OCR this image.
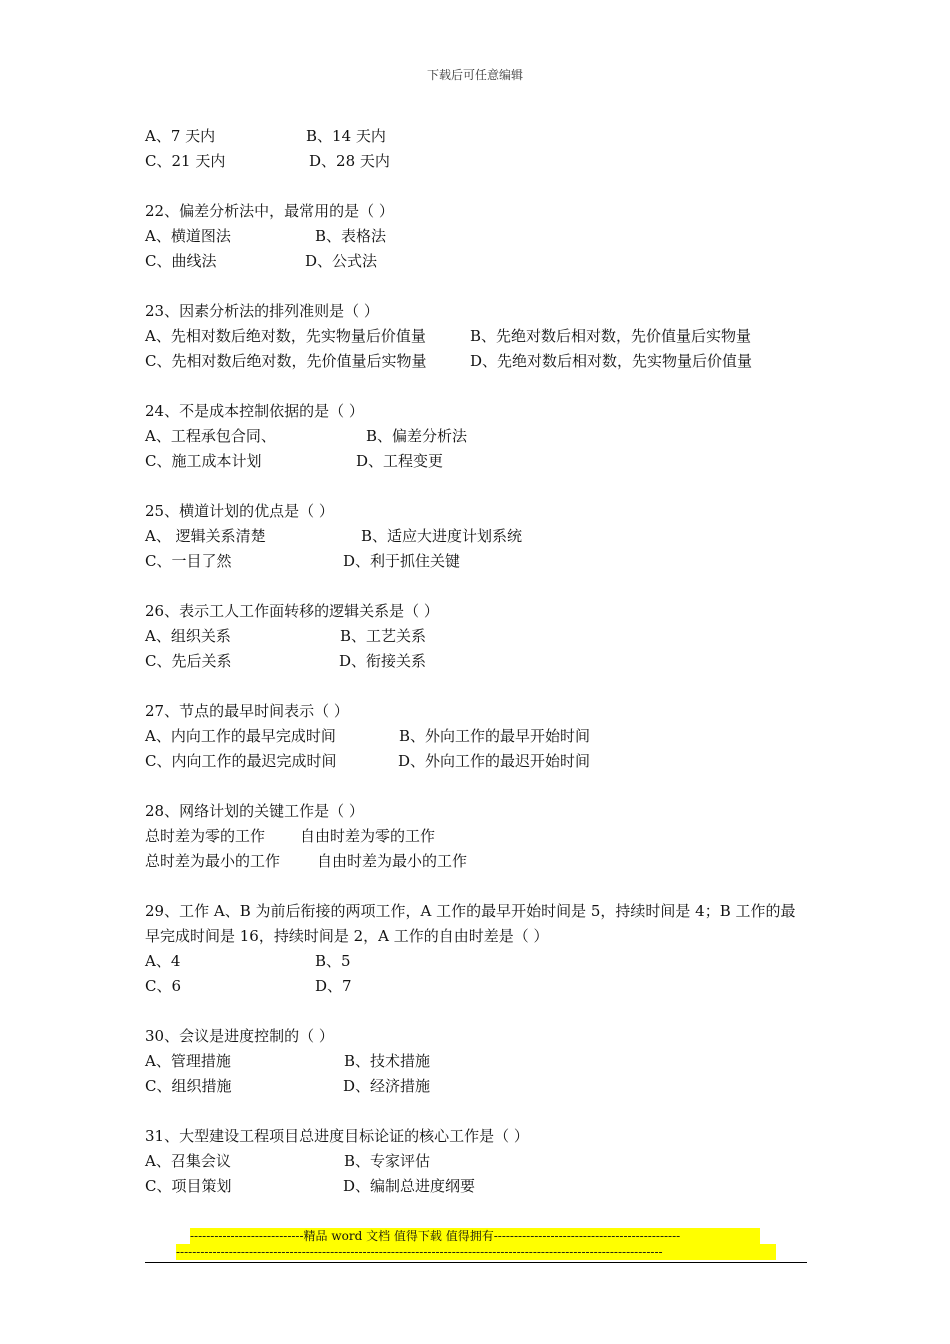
下载后可任意编辑
A、7 天内	B、14 天内
C、21 天内	D、28 天内
22、偏差分析法中，最常用的是（ ）
A、横道图法	B、表格法
C、曲线法	D、公式法
23、因素分析法的排列准则是（ ）
A、先相对数后绝对数，先实物量后价值量	B、先绝对数后相对数，先价值量后实物量
C、先相对数后绝对数，先价值量后实物量	D、先绝对数后相对数，先实物量后价值量
24、不是成本控制依据的是（ ）
A、工程承包合同、	B、偏差分析法
C、施工成本计划	D、工程变更
25、横道计划的优点是（ ）
A、 逻辑关系清楚	B、适应大进度计划系统
C、一目了然	D、利于抓住关键
26、表示工人工作面转移的逻辑关系是（ ）
A、组织关系	B、工艺关系
C、先后关系	D、衔接关系
27、节点的最早时间表示（ ）
A、内向工作的最早完成时间	B、外向工作的最早开始时间
C、内向工作的最迟完成时间	D、外向工作的最迟开始时间
28、网络计划的关键工作是（ ）
总时差为零的工作 自由时差为零的工作
总时差为最小的工作 自由时差为最小的工作
29、工作 A、B 为前后衔接的两项工作，A 工作的最早开始时间是 5，持续时间是 4；B 工作的最早完成时间是 16，持续时间是 2，A 工作的自由时差是（ ）
A、4	B、5
C、6	D、7
30、会议是进度控制的（ ）
A、管理措施	B、技术措施
C、组织措施	D、经济措施
31、大型建设工程项目总进度目标论证的核心工作是（ ）
A、召集会议	B、专家评估
C、项目策划	D、编制总进度纲要
----------------------------精品 word 文档 值得下载 值得拥有----------------------------------------------
------------------------------------------------------------------------------------------------------------------------
